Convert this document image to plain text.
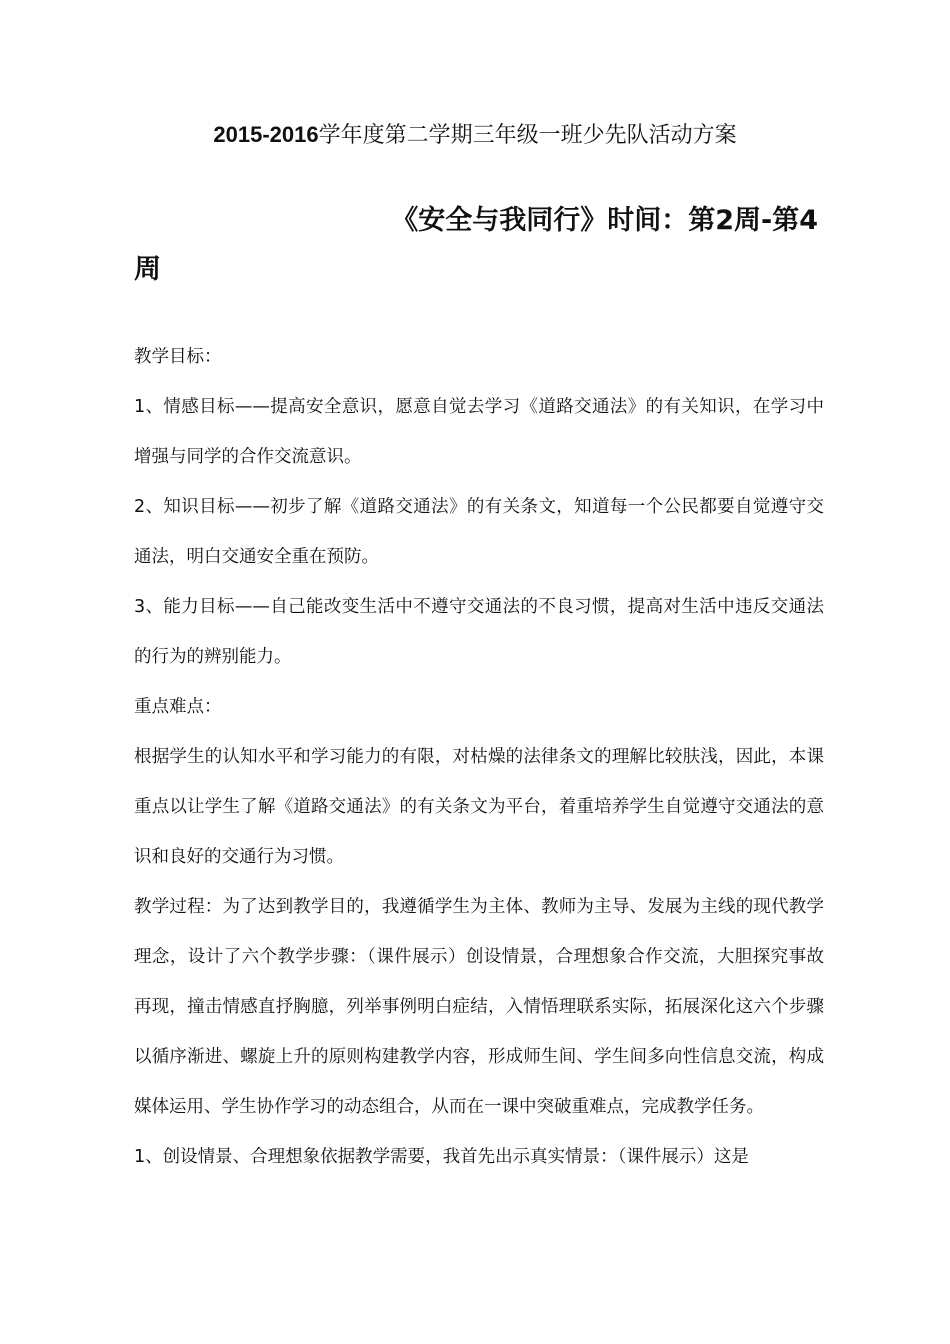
2015-2016学年度第二学期三年级一班少先队活动方案
《安全与我同行》时间：第2周-第4
周

教学目标：

1、情感目标——提高安全意识，愿意自觉去学习《道路交通法》的有关知识，在学习中增强与同学的合作交流意识。

2、知识目标——初步了解《道路交通法》的有关条文，知道每一个公民都要自觉遵守交通法，明白交通安全重在预防。

3、能力目标——自己能改变生活中不遵守交通法的不良习惯，提高对生活中违反交通法的行为的辨别能力。

重点难点：

根据学生的认知水平和学习能力的有限，对枯燥的法律条文的理解比较肤浅，因此，本课重点以让学生了解《道路交通法》的有关条文为平台，着重培养学生自觉遵守交通法的意识和良好的交通行为习惯。

教学过程：为了达到教学目的，我遵循学生为主体、教师为主导、发展为主线的现代教学理念，设计了六个教学步骤：（课件展示）创设情景，合理想象合作交流，大胆探究事故再现，撞击情感直抒胸臆，列举事例明白症结，入情悟理联系实际，拓展深化这六个步骤以循序渐进、螺旋上升的原则构建教学内容，形成师生间、学生间多向性信息交流，构成媒体运用、学生协作学习的动态组合，从而在一课中突破重难点，完成教学任务。

1、创设情景、合理想象依据教学需要，我首先出示真实情景：（课件展示）这是
